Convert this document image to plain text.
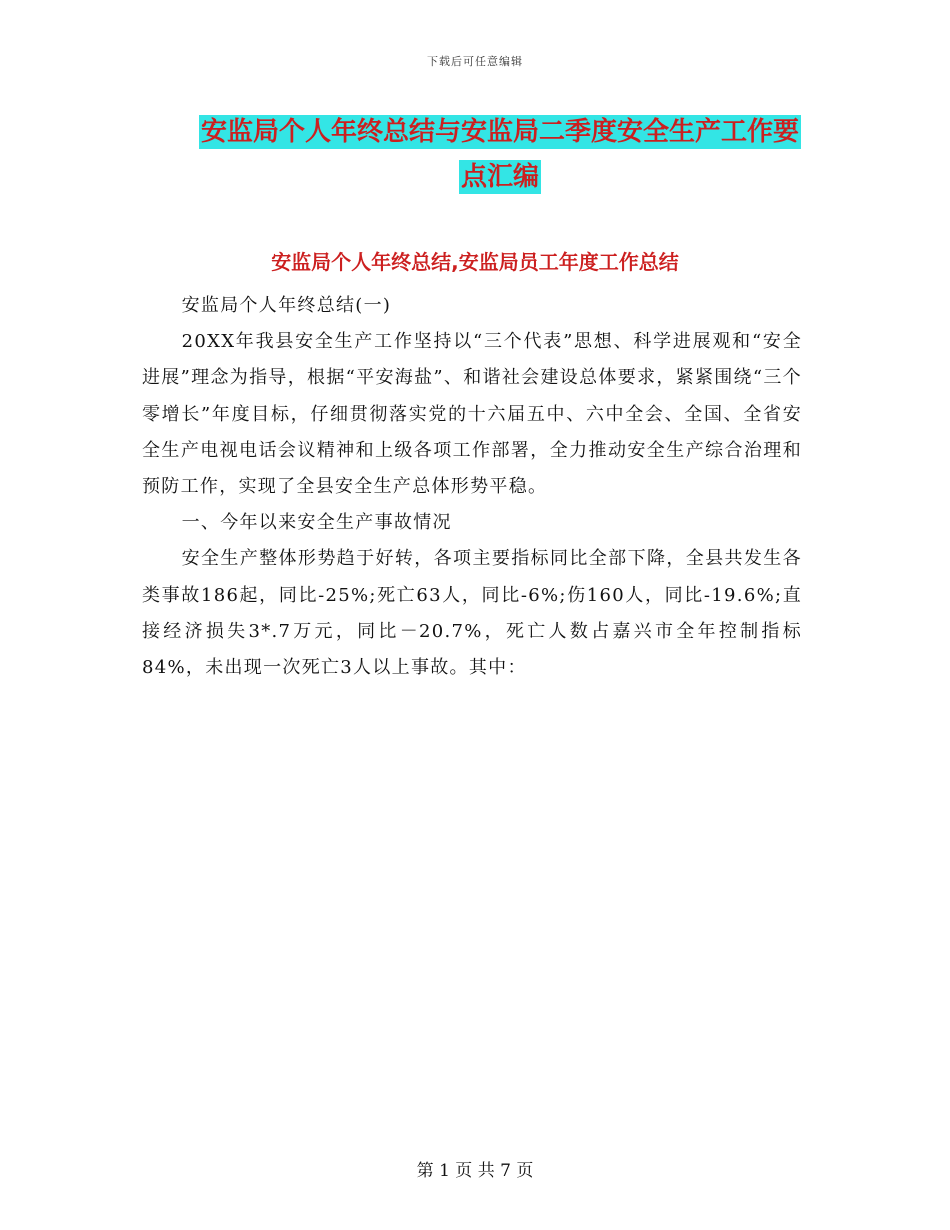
下载后可任意编辑
安监局个人年终总结与安监局二季度安全生产工作要
点汇编
安监局个人年终总结,安监局员工年度工作总结

安监局个人年终总结(一)

20XX年我县安全生产工作坚持以“三个代表”思想、科学进展观和“安全进展”理念为指导，根据“平安海盐”、和谐社会建设总体要求，紧紧围绕“三个零增长”年度目标，仔细贯彻落实党的十六届五中、六中全会、全国、全省安全生产电视电话会议精神和上级各项工作部署，全力推动安全生产综合治理和预防工作，实现了全县安全生产总体形势平稳。

一、今年以来安全生产事故情况

安全生产整体形势趋于好转，各项主要指标同比全部下降，全县共发生各类事故186起，同比-25%;死亡63人，同比-6%;伤160人，同比-19.6%;直接经济损失3*.7万元，同比－20.7%，死亡人数占嘉兴市全年控制指标84%，未出现一次死亡3人以上事故。其中：

第 1 页 共 7 页
